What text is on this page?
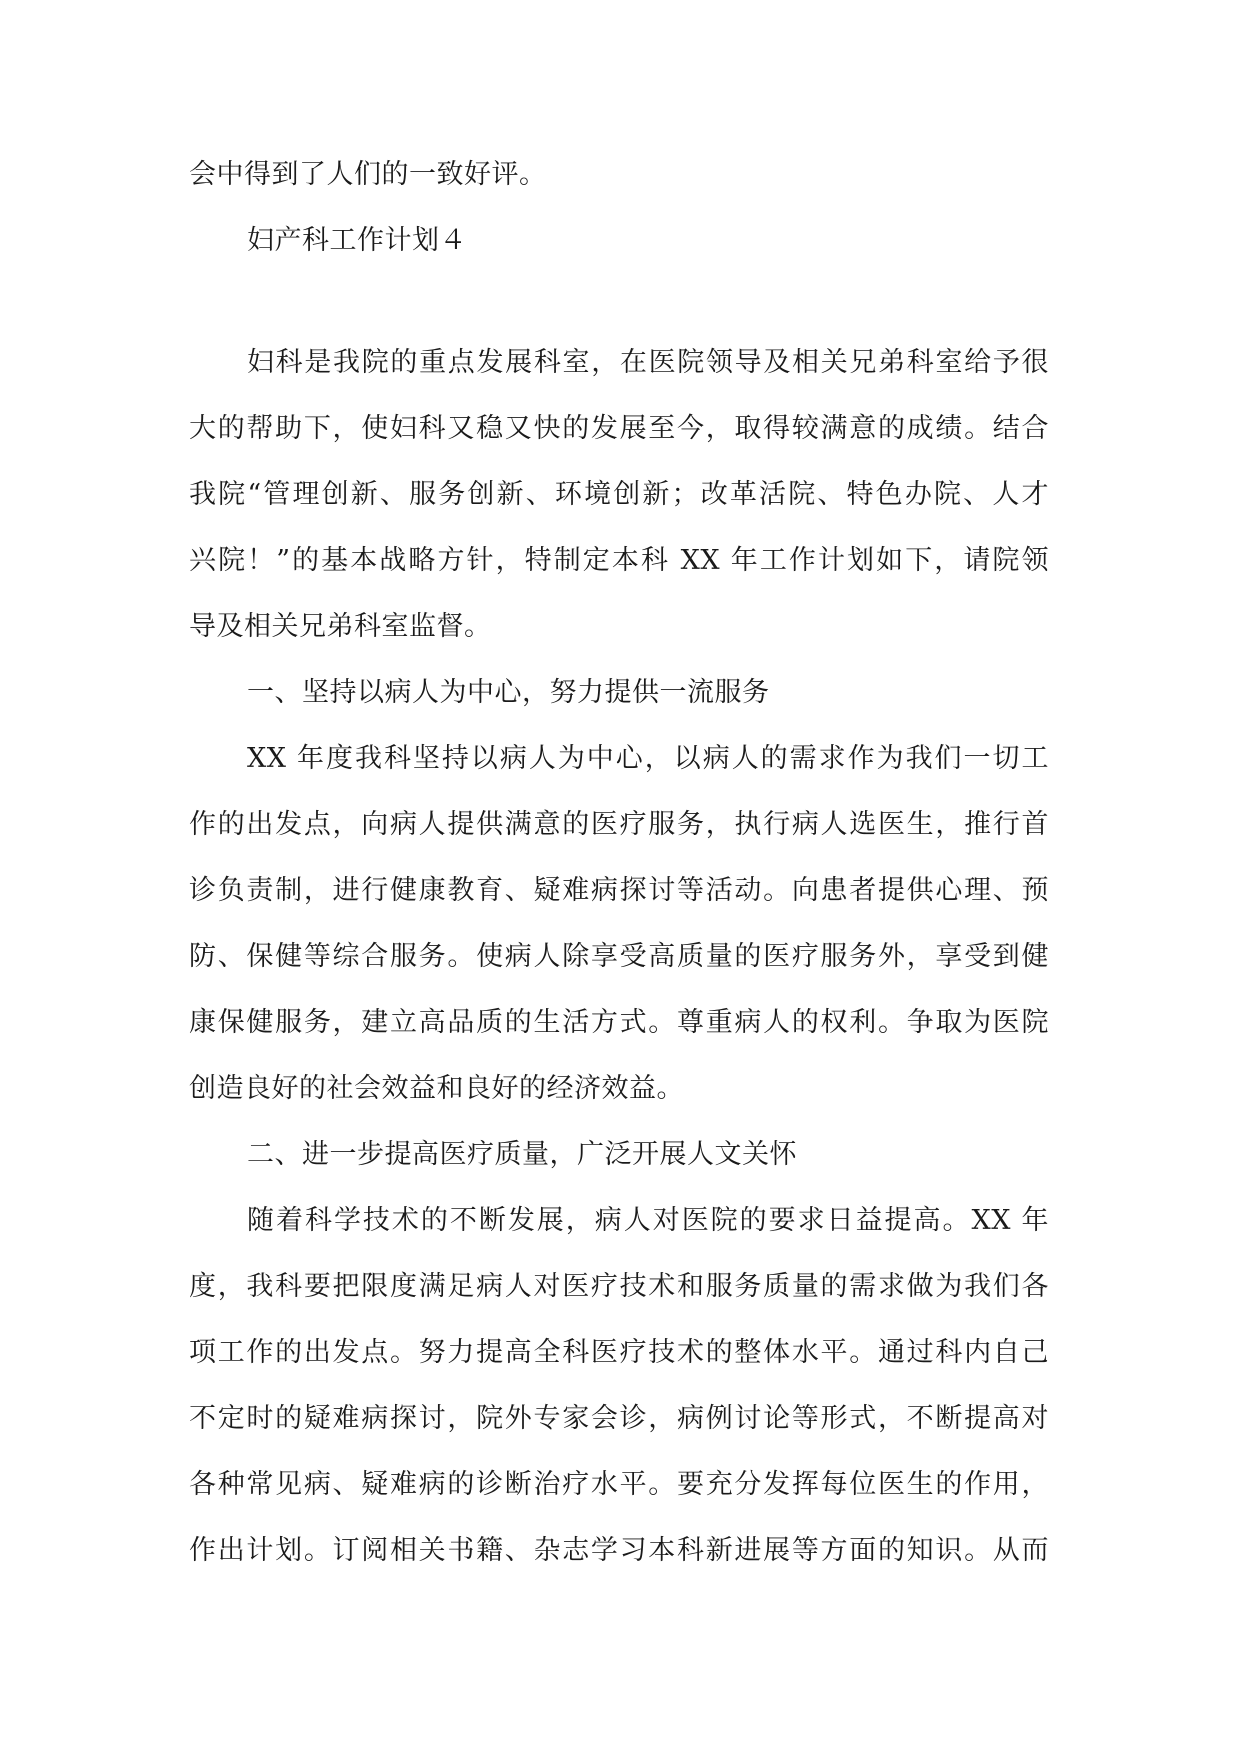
会中得到了人们的一致好评。
妇产科工作计划４
妇科是我院的重点发展科室，在医院领导及相关兄弟科室给予很
大的帮助下，使妇科又稳又快的发展至今，取得较满意的成绩。结合
我院“管理创新、服务创新、环境创新；改革活院、特色办院、人才
兴院！”的基本战略方针，特制定本科 XX 年工作计划如下，请院领
导及相关兄弟科室监督。
一、坚持以病人为中心，努力提供一流服务
XX 年度我科坚持以病人为中心，以病人的需求作为我们一切工
作的出发点，向病人提供满意的医疗服务，执行病人选医生，推行首
诊负责制，进行健康教育、疑难病探讨等活动。向患者提供心理、预
防、保健等综合服务。使病人除享受高质量的医疗服务外，享受到健
康保健服务，建立高品质的生活方式。尊重病人的权利。争取为医院
创造良好的社会效益和良好的经济效益。
二、进一步提高医疗质量，广泛开展人文关怀
随着科学技术的不断发展，病人对医院的要求日益提高。XX 年
度，我科要把限度满足病人对医疗技术和服务质量的需求做为我们各
项工作的出发点。努力提高全科医疗技术的整体水平。通过科内自己
不定时的疑难病探讨，院外专家会诊，病例讨论等形式，不断提高对
各种常见病、疑难病的诊断治疗水平。要充分发挥每位医生的作用，
作出计划。订阅相关书籍、杂志学习本科新进展等方面的知识。从而
